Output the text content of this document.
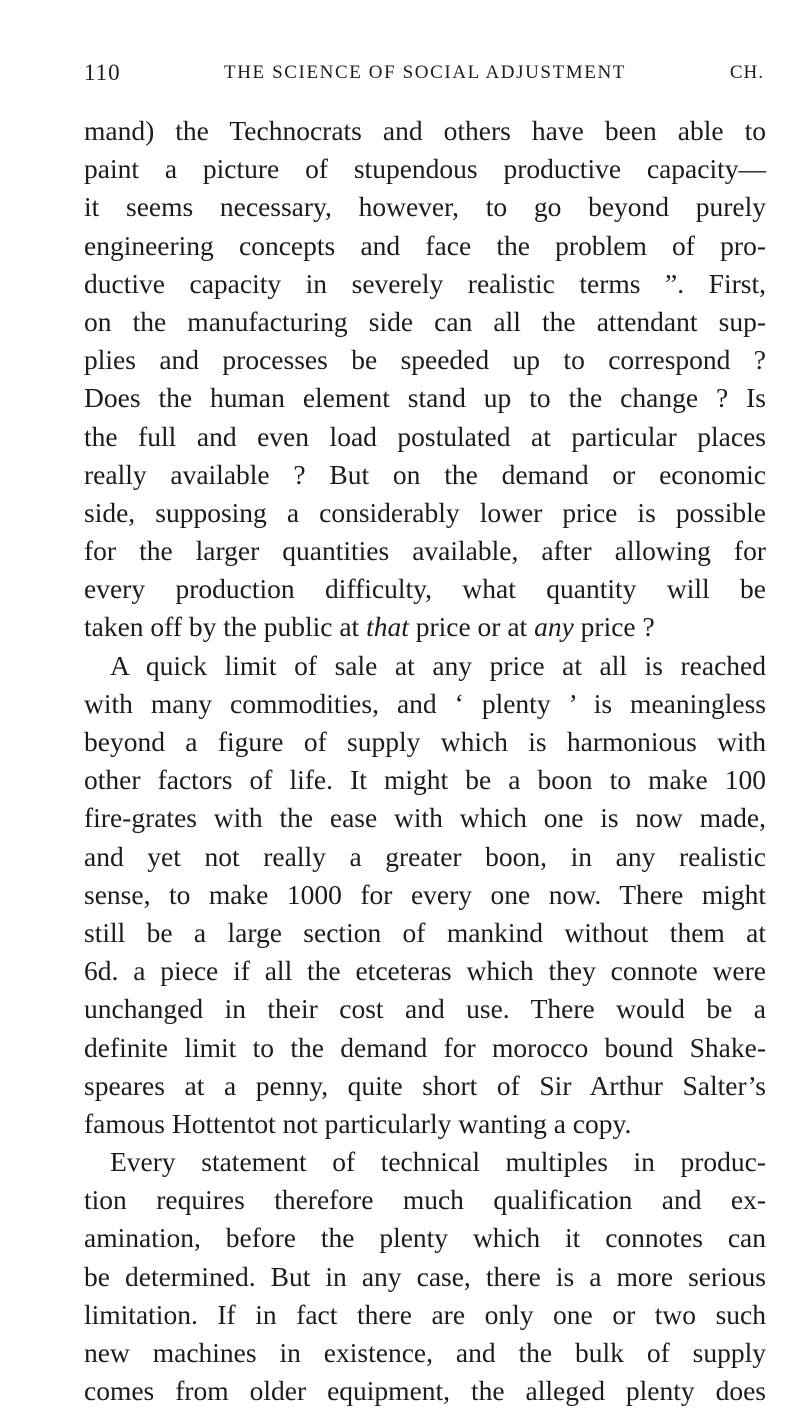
110	THE SCIENCE OF SOCIAL ADJUSTMENT	CH.
mand) the Technocrats and others have been able to
paint a picture of stupendous productive capacity—
it seems necessary, however, to go beyond purely
engineering concepts and face the problem of pro-
ductive capacity in severely realistic terms ”. First,
on the manufacturing side can all the attendant sup-
plies and processes be speeded up to correspond ?
Does the human element stand up to the change ? Is
the full and even load postulated at particular places
really available ? But on the demand or economic
side, supposing a considerably lower price is possible
for the larger quantities available, after allowing for
every production difficulty, what quantity will be
taken off by the public at that price or at any price ?
A quick limit of sale at any price at all is reached
with many commodities, and ‘ plenty ’ is meaningless
beyond a figure of supply which is harmonious with
other factors of life. It might be a boon to make 100
fire-grates with the ease with which one is now made,
and yet not really a greater boon, in any realistic
sense, to make 1000 for every one now. There might
still be a large section of mankind without them at
6d. a piece if all the etceteras which they connote were
unchanged in their cost and use. There would be a
definite limit to the demand for morocco bound Shake-
speares at a penny, quite short of Sir Arthur Salter’s
famous Hottentot not particularly wanting a copy.
Every statement of technical multiples in produc-
tion requires therefore much qualification and ex-
amination, before the plenty which it connotes can
be determined. But in any case, there is a more serious
limitation. If in fact there are only one or two such
new machines in existence, and the bulk of supply
comes from older equipment, the alleged plenty does
